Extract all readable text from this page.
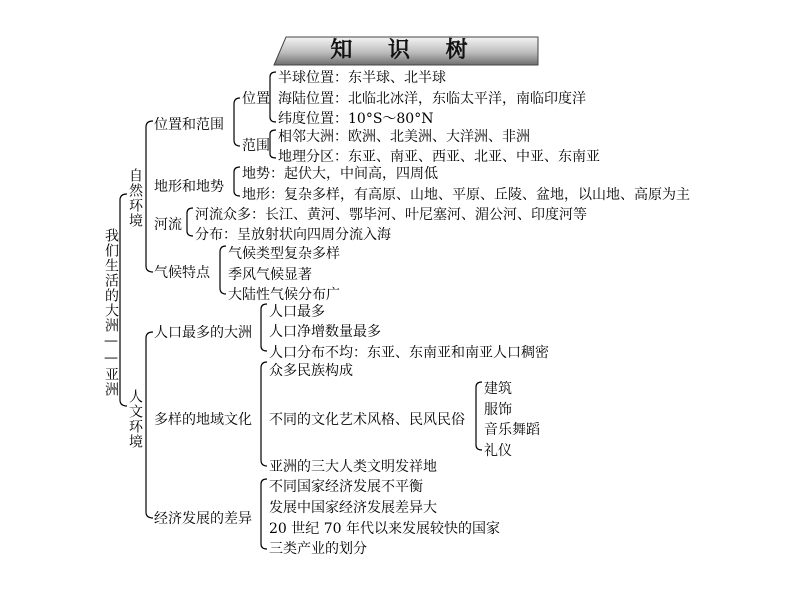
知 识 树
我们生活的大洲——亚洲
自然环境
人文环境
位置和范围
地形和地势
河流
气候特点
位置
范围
半球位置：东半球、北半球
海陆位置：北临北冰洋，东临太平洋，南临印度洋
纬度位置：10°S～80°N
相邻大洲：欧洲、北美洲、大洋洲、非洲
地理分区：东亚、南亚、西亚、北亚、中亚、东南亚
地势：起伏大，中间高，四周低
地形：复杂多样，有高原、山地、平原、丘陵、盆地，以山地、高原为主
河流众多：长江、黄河、鄂毕河、叶尼塞河、湄公河、印度河等
分布：呈放射状向四周分流入海
气候类型复杂多样
季风气候显著
大陆性气候分布广
人口最多的大洲
多样的地域文化
经济发展的差异
人口最多
人口净增数量最多
人口分布不均：东亚、东南亚和南亚人口稠密
众多民族构成
不同的文化艺术风格、民风民俗
亚洲的三大人类文明发祥地
建筑
服饰
音乐舞蹈
礼仪
不同国家经济发展不平衡
发展中国家经济发展差异大
20 世纪 70 年代以来发展较快的国家
三类产业的划分
